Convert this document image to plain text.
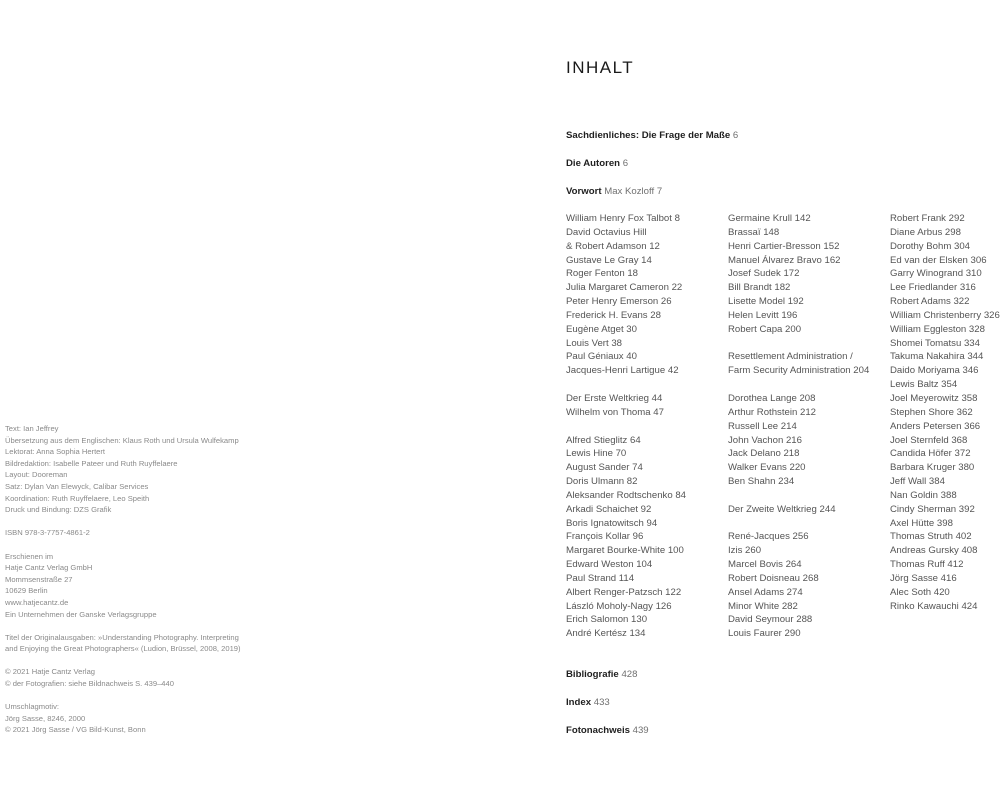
Text: Ian Jeffrey
Übersetzung aus dem Englischen: Klaus Roth und Ursula Wulfekamp
Lektorat: Anna Sophia Hertert
Bildredaktion: Isabelle Pateer und Ruth Ruyffelaere
Layout: Dooreman
Satz: Dylan Van Elewyck, Calibar Services
Koordination: Ruth Ruyffelaere, Leo Speith
Druck und Bindung: DZS Grafik
ISBN 978-3-7757-4861-2
Erschienen im
Hatje Cantz Verlag GmbH
Mommsenstraße 27
10629 Berlin
www.hatjecantz.de
Ein Unternehmen der Ganske Verlagsgruppe
Titel der Originalausgaben: »Understanding Photography. Interpreting
and Enjoying the Great Photographers« (Ludion, Brüssel, 2008, 2019)
© 2021 Hatje Cantz Verlag
© der Fotografien: siehe Bildnachweis S. 439–440
Umschlagmotiv:
Jörg Sasse, 8246, 2000
© 2021 Jörg Sasse / VG Bild-Kunst, Bonn
INHALT
Sachdienliches: Die Frage der Maße 6
Die Autoren 6
Vorwort Max Kozloff 7
William Henry Fox Talbot 8
David Octavius Hill
& Robert Adamson 12
Gustave Le Gray 14
Roger Fenton 18
Julia Margaret Cameron 22
Peter Henry Emerson 26
Frederick H. Evans 28
Eugène Atget 30
Louis Vert 38
Paul Géniaux 40
Jacques-Henri Lartigue 42
Der Erste Weltkrieg 44
Wilhelm von Thoma 47
Alfred Stieglitz 64
Lewis Hine 70
August Sander 74
Doris Ulmann 82
Aleksander Rodtschenko 84
Arkadi Schaichet 92
Boris Ignatowitsch 94
François Kollar 96
Margaret Bourke-White 100
Edward Weston 104
Paul Strand 114
Albert Renger-Patzsch 122
László Moholy-Nagy 126
Erich Salomon 130
André Kertész 134
Germaine Krull 142
Brassaï 148
Henri Cartier-Bresson 152
Manuel Álvarez Bravo 162
Josef Sudek 172
Bill Brandt 182
Lisette Model 192
Helen Levitt 196
Robert Capa 200
Resettlement Administration /
Farm Security Administration 204
Dorothea Lange 208
Arthur Rothstein 212
Russell Lee 214
John Vachon 216
Jack Delano 218
Walker Evans 220
Ben Shahn 234
Der Zweite Weltkrieg 244
René-Jacques 256
Izis 260
Marcel Bovis 264
Robert Doisneau 268
Ansel Adams 274
Minor White 282
David Seymour 288
Louis Faurer 290
Robert Frank 292
Diane Arbus 298
Dorothy Bohm 304
Ed van der Elsken 306
Garry Winogrand 310
Lee Friedlander 316
Robert Adams 322
William Christenberry 326
William Eggleston 328
Shomei Tomatsu 334
Takuma Nakahira 344
Daido Moriyama 346
Lewis Baltz 354
Joel Meyerowitz 358
Stephen Shore 362
Anders Petersen 366
Joel Sternfeld 368
Candida Höfer 372
Barbara Kruger 380
Jeff Wall 384
Nan Goldin 388
Cindy Sherman 392
Axel Hütte 398
Thomas Struth 402
Andreas Gursky 408
Thomas Ruff 412
Jörg Sasse 416
Alec Soth 420
Rinko Kawauchi 424
Bibliografie 428
Index 433
Fotonachweis 439
